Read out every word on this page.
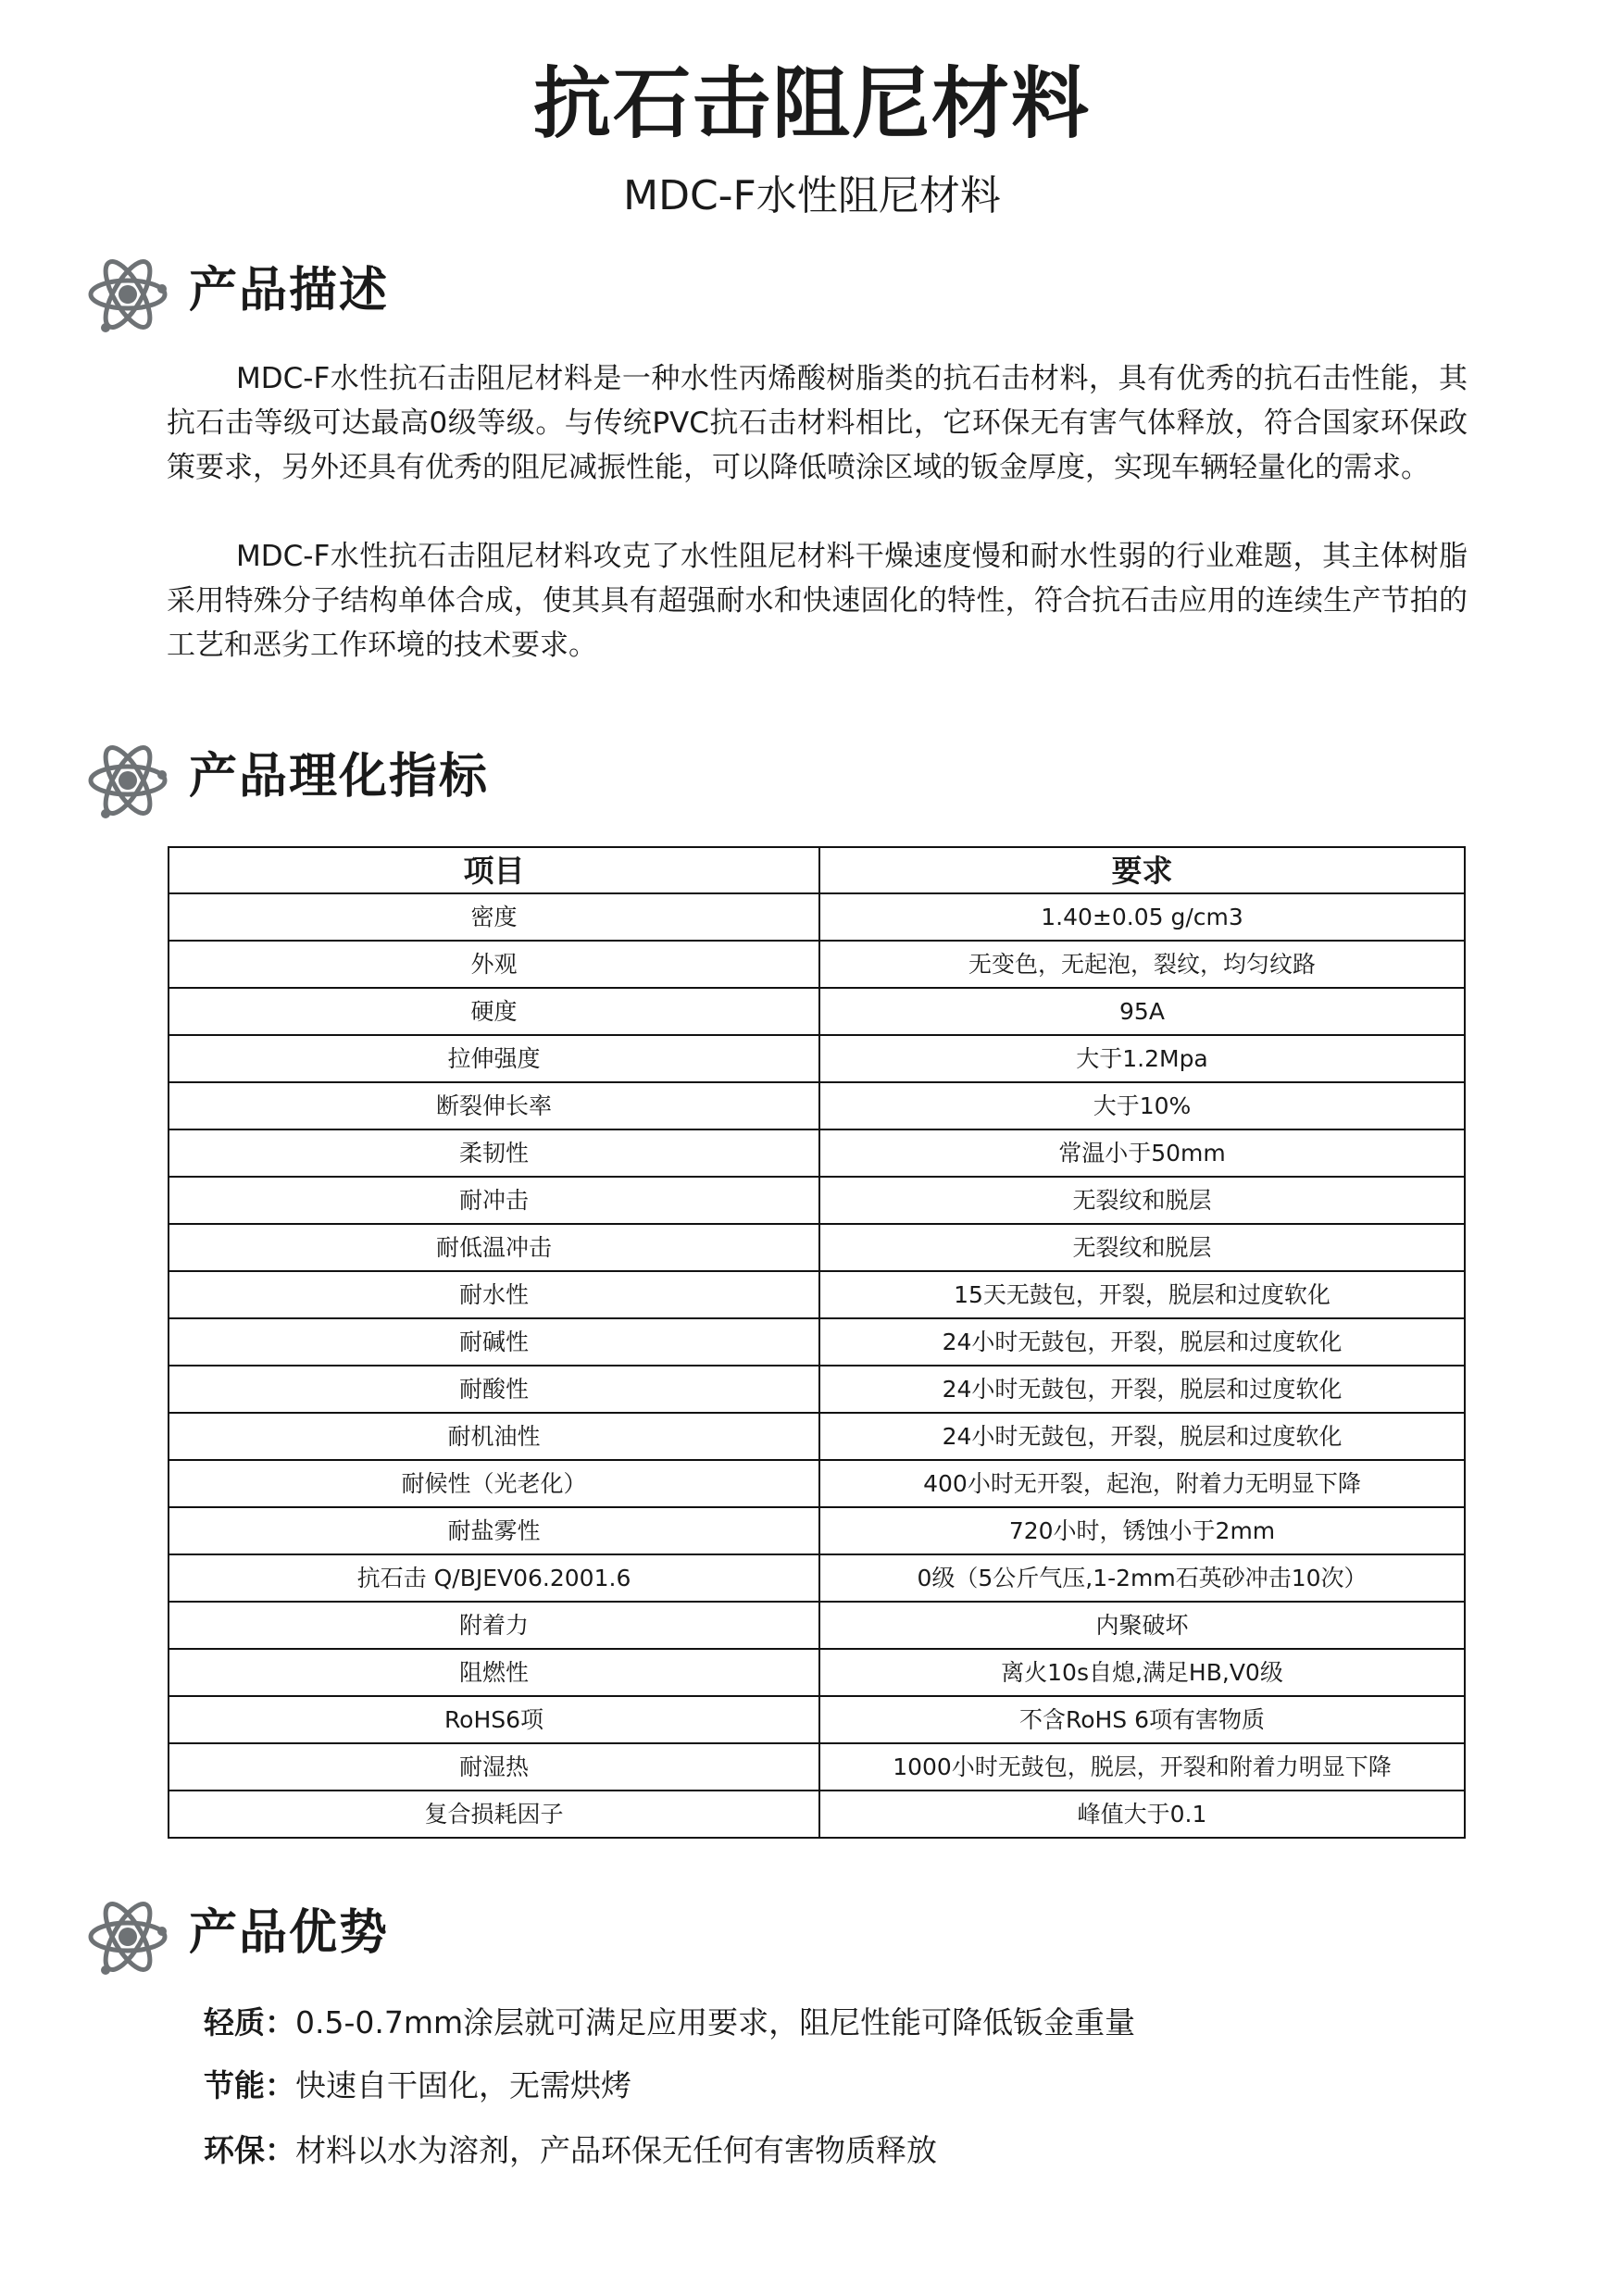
抗石击阻尼材料
MDC-F水性阻尼材料
产品描述

MDC-F水性抗石击阻尼材料是一种水性丙烯酸树脂类的抗石击材料，具有优秀的抗石击性能，其抗石击等级可达最高0级等级。与传统PVC抗石击材料相比，它环保无有害气体释放，符合国家环保政策要求，另外还具有优秀的阻尼减振性能，可以降低喷涂区域的钣金厚度，实现车辆轻量化的需求。

MDC-F水性抗石击阻尼材料攻克了水性阻尼材料干燥速度慢和耐水性弱的行业难题，其主体树脂采用特殊分子结构单体合成，使其具有超强耐水和快速固化的特性，符合抗石击应用的连续生产节拍的工艺和恶劣工作环境的技术要求。

产品理化指标
项目	要求
密度	1.40±0.05 g/cm3
外观	无变色，无起泡，裂纹，均匀纹路
硬度	95A
拉伸强度	大于1.2Mpa
断裂伸长率	大于10%
柔韧性	常温小于50mm
耐冲击	无裂纹和脱层
耐低温冲击	无裂纹和脱层
耐水性	15天无鼓包，开裂，脱层和过度软化
耐碱性	24小时无鼓包，开裂，脱层和过度软化
耐酸性	24小时无鼓包，开裂，脱层和过度软化
耐机油性	24小时无鼓包，开裂，脱层和过度软化
耐候性（光老化）	400小时无开裂，起泡，附着力无明显下降
耐盐雾性	720小时，锈蚀小于2mm
抗石击 Q/BJEV06.2001.6	0级（5公斤气压,1-2mm石英砂冲击10次）
附着力	内聚破坏
阻燃性	离火10s自熄,满足HB,V0级
RoHS6项	不含RoHS 6项有害物质
耐湿热	1000小时无鼓包，脱层，开裂和附着力明显下降
复合损耗因子	峰值大于0.1
产品优势
轻质：0.5-0.7mm涂层就可满足应用要求，阻尼性能可降低钣金重量
节能：快速自干固化，无需烘烤
环保：材料以水为溶剂，产品环保无任何有害物质释放
